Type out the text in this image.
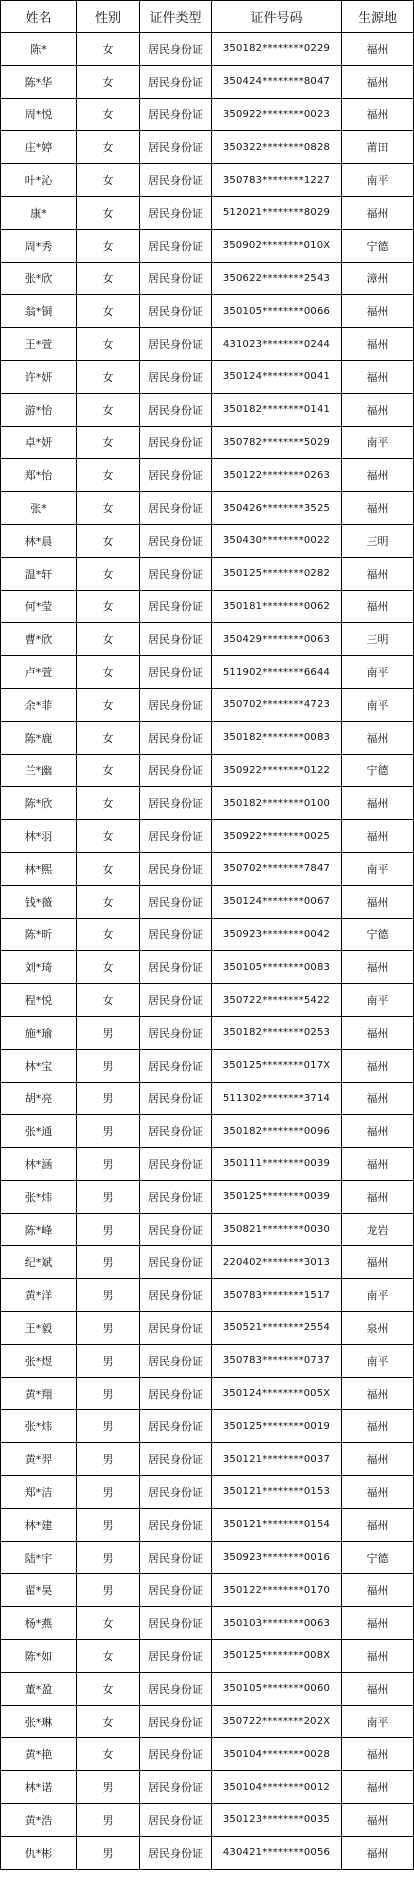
姓名	性别	证件类型	证件号码	生源地
陈*	女	居民身份证	350182********0229	福州
陈*华	女	居民身份证	350424********8047	福州
周*悦	女	居民身份证	350922********0023	福州
庄*婷	女	居民身份证	350322********0828	莆田
叶*沁	女	居民身份证	350783********1227	南平
康*	女	居民身份证	512021********8029	福州
周*秀	女	居民身份证	350902********010X	宁德
张*欣	女	居民身份证	350622********2543	漳州
翁*铜	女	居民身份证	350105********0066	福州
王*萱	女	居民身份证	431023********0244	福州
许*妍	女	居民身份证	350124********0041	福州
游*怡	女	居民身份证	350182********0141	福州
卓*妍	女	居民身份证	350782********5029	南平
郑*怡	女	居民身份证	350122********0263	福州
张*	女	居民身份证	350426********3525	福州
林*晨	女	居民身份证	350430********0022	三明
温*轩	女	居民身份证	350125********0282	福州
何*莹	女	居民身份证	350181********0062	福州
曹*欣	女	居民身份证	350429********0063	三明
卢*萱	女	居民身份证	511902********6644	南平
余*菲	女	居民身份证	350702********4723	南平
陈*鹿	女	居民身份证	350182********0083	福州
兰*幽	女	居民身份证	350922********0122	宁德
陈*欣	女	居民身份证	350182********0100	福州
林*羽	女	居民身份证	350922********0025	福州
林*熙	女	居民身份证	350702********7847	南平
钱*薇	女	居民身份证	350124********0067	福州
陈*昕	女	居民身份证	350923********0042	宁德
刘*琦	女	居民身份证	350105********0083	福州
程*悦	女	居民身份证	350722********5422	南平
施*瑜	男	居民身份证	350182********0253	福州
林*宝	男	居民身份证	350125********017X	福州
胡*亮	男	居民身份证	511302********3714	福州
张*通	男	居民身份证	350182********0096	福州
林*涵	男	居民身份证	350111********0039	福州
张*炜	男	居民身份证	350125********0039	福州
陈*峰	男	居民身份证	350821********0030	龙岩
纪*斌	男	居民身份证	220402********3013	福州
黄*洋	男	居民身份证	350783********1517	南平
王*毅	男	居民身份证	350521********2554	泉州
张*煜	男	居民身份证	350783********0737	南平
黄*翔	男	居民身份证	350124********005X	福州
张*炜	男	居民身份证	350125********0019	福州
黄*羿	男	居民身份证	350121********0037	福州
郑*洁	男	居民身份证	350121********0153	福州
林*建	男	居民身份证	350121********0154	福州
陆*宇	男	居民身份证	350923********0016	宁德
翟*昊	男	居民身份证	350122********0170	福州
杨*燕	女	居民身份证	350103********0063	福州
陈*如	女	居民身份证	350125********008X	福州
董*盈	女	居民身份证	350105********0060	福州
张*琳	女	居民身份证	350722********202X	南平
黄*艳	女	居民身份证	350104********0028	福州
林*诺	男	居民身份证	350104********0012	福州
黄*浩	男	居民身份证	350123********0035	福州
仇*彬	男	居民身份证	430421********0056	福州
